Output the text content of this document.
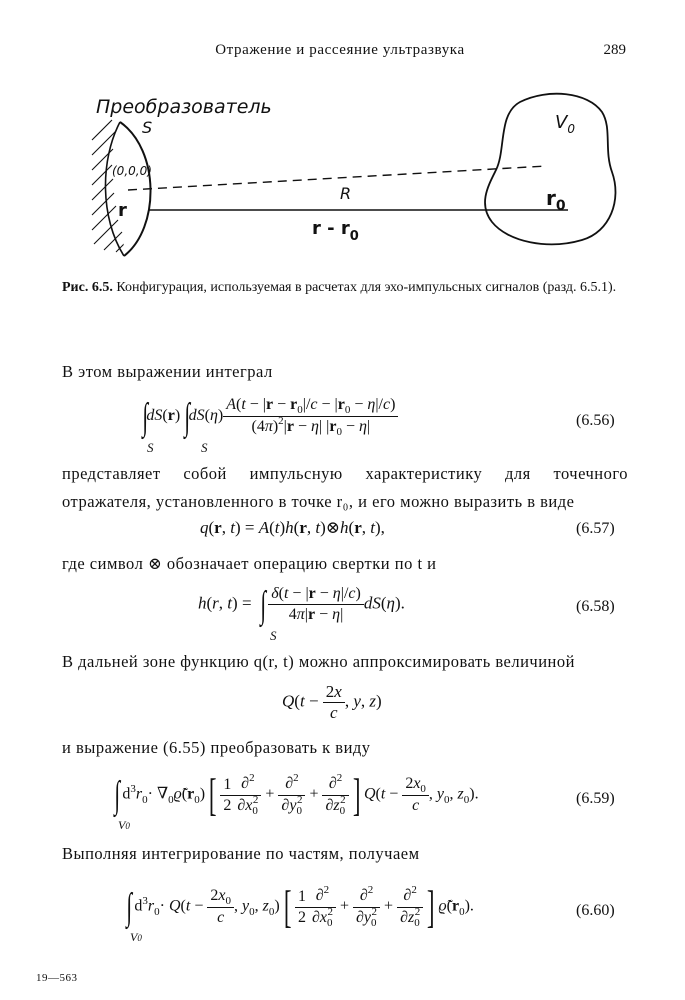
Отражение и рассеяние ультразвука	289
Преобразователь
S
(0,0,0)
r
R
r - $r_0$
$r_0$
$V_0$
Рис. 6.5. Конфигурация, используемая в расчетах для эхо-импульсных сигналов (разд. 6.5.1).
В этом выражении интеграл
∫dS(r) $\int dS(\eta) \frac{A(t - |r - r_0|/c - |r_0 - \eta|/c)}{(4\pi)^2|r - \eta| |r_0 - \eta|}$
S	S
(6.56)
представляет собой импульсную характеристику для точечного отражателя, установленного в точке r₀, и его можно выразить в виде
q(r, t) = A(t)h(r, t)⊗h(r, t),	(6.57)
где символ ⊗ обозначает операцию свертки по t и
h(r, t) = ∫ $\frac{\delta(t - |r - \eta|/c)}{4\pi|r - \eta|} dS(\eta)$.
S
(6.58)
В дальней зоне функцию q(r, t) можно аппроксимировать величиной
$Q(t - \frac{2x}{c}$ , y, z)
и выражение (6.55) преобразовать к виду
∫ $d^3r_0\cdot$ $\nabla_0ϱ̃(r_0)[ \frac{1}{2} \frac{\partial^2}{\partial x_0^2} + \frac{\partial^2}{\partial y_0^2} + \frac{\partial^2}{\partial z_0^2}$ ] $Q(t - \frac{2x_0}{c}$ , $y_0$, $z_0$).
V0
(6.59)
Выполняя интегрирование по частям, получаем
∫ $d^3r_0\cdot Q(t - \frac{2x_0}{c}$ , $y_0$, $z_0)[ \frac{1}{2} \frac{\partial^2}{\partial x_0^2} + \frac{\partial^2}{\partial y_0^2} + \frac{\partial^2}{\partial z_0^2}$ ] $ϱ̃(r_0)$.
V0
(6.60)
19—563
